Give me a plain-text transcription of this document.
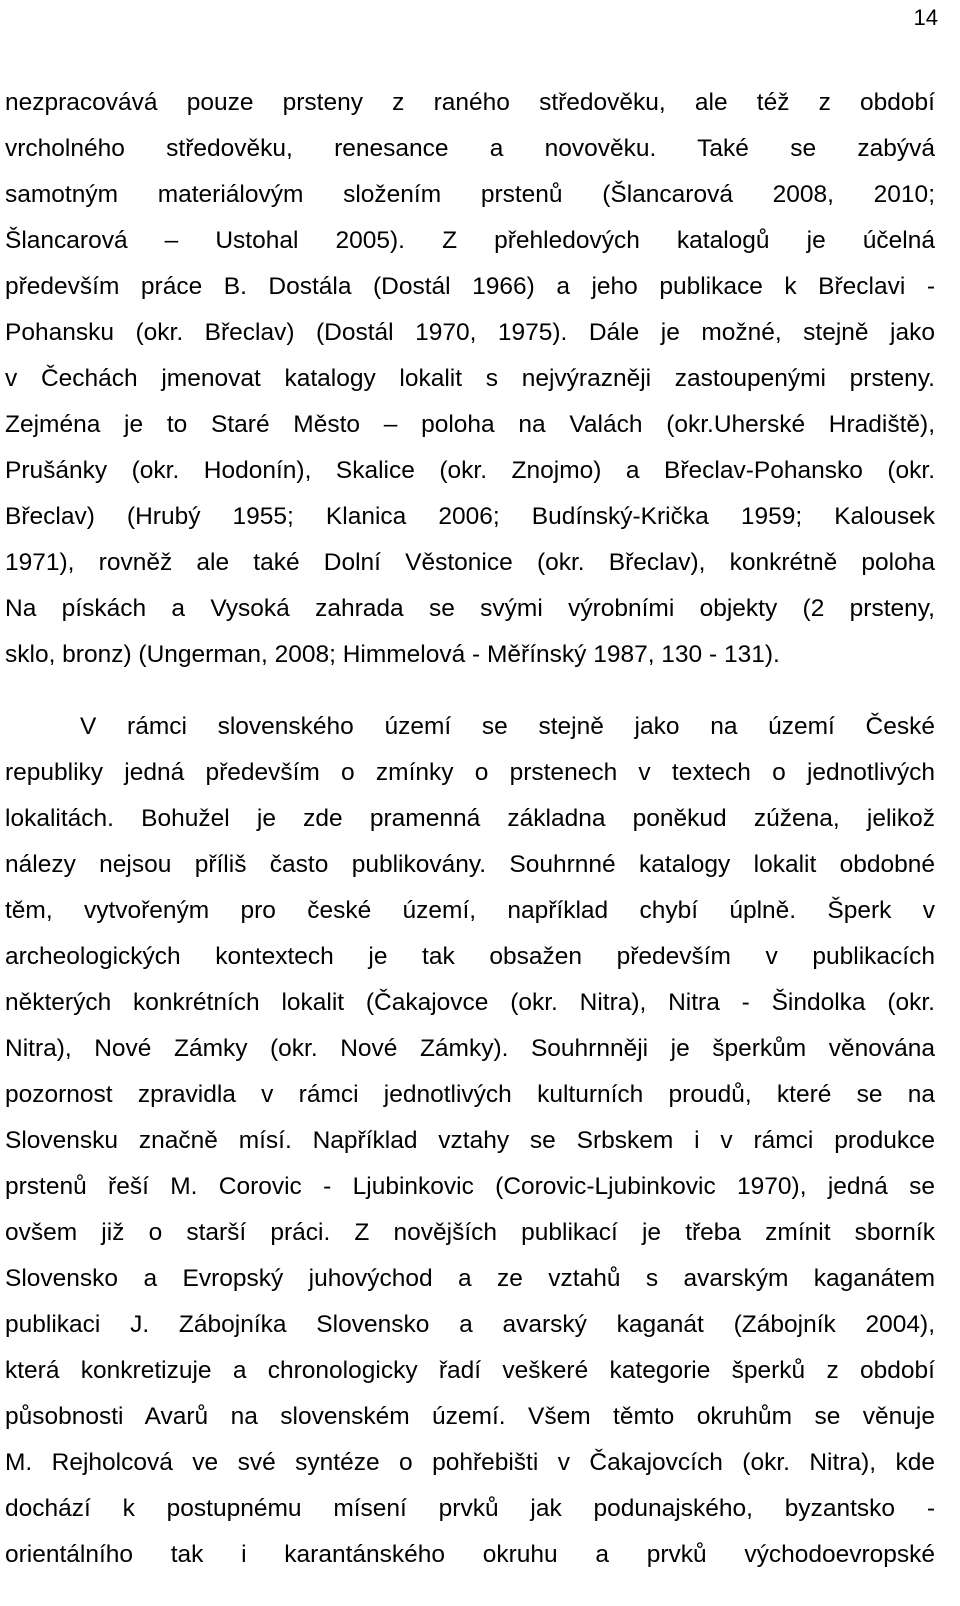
14
nezpracovává pouze prsteny z raného středověku, ale též z období
vrcholného středověku, renesance a novověku. Také se zabývá
samotným materiálovým složením prstenů (Šlancarová 2008, 2010;
Šlancarová – Ustohal 2005). Z přehledových katalogů je účelná
především práce B. Dostála (Dostál 1966) a jeho publikace k Břeclavi -
Pohansku (okr. Břeclav) (Dostál 1970, 1975). Dále je možné, stejně jako
v Čechách jmenovat katalogy lokalit s nejvýrazněji zastoupenými prsteny.
Zejména je to Staré Město – poloha na Valách (okr.Uherské Hradiště),
Prušánky (okr. Hodonín), Skalice (okr. Znojmo) a Břeclav-Pohansko (okr.
Břeclav) (Hrubý 1955; Klanica 2006; Budínský-Krička 1959; Kalousek
1971), rovněž ale také Dolní Věstonice (okr. Břeclav), konkrétně poloha
Na pískách a Vysoká zahrada se svými výrobními objekty (2 prsteny,
sklo, bronz) (Ungerman, 2008; Himmelová - Měřínský 1987, 130 - 131).
V rámci slovenského území se stejně jako na území České
republiky jedná především o zmínky o prstenech v textech o jednotlivých
lokalitách. Bohužel je zde pramenná základna poněkud zúžena, jelikož
nálezy nejsou příliš často publikovány. Souhrnné katalogy lokalit obdobné
těm, vytvořeným pro české území, například chybí úplně. Šperk v
archeologických kontextech je tak obsažen především v publikacích
některých konkrétních lokalit (Čakajovce (okr. Nitra), Nitra - Šindolka (okr.
Nitra), Nové Zámky (okr. Nové Zámky). Souhrnněji je šperkům věnována
pozornost zpravidla v rámci jednotlivých kulturních proudů, které se na
Slovensku značně mísí. Například vztahy se Srbskem i v rámci produkce
prstenů řeší M. Corovic - Ljubinkovic (Corovic-Ljubinkovic 1970), jedná se
ovšem již o starší práci. Z novějších publikací je třeba zmínit sborník
Slovensko a Evropský juhovýchod a ze vztahů s avarským kaganátem
publikaci J. Zábojníka Slovensko a avarský kaganát (Zábojník 2004),
která konkretizuje a chronologicky řadí veškeré kategorie šperků z období
působnosti Avarů na slovenském území. Všem těmto okruhům se věnuje
M. Rejholcová ve své syntéze o pohřebišti v Čakajovcích (okr. Nitra), kde
dochází k postupnému mísení prvků jak podunajského, byzantsko -
orientálního tak i karantánského okruhu a prvků východoevropské
